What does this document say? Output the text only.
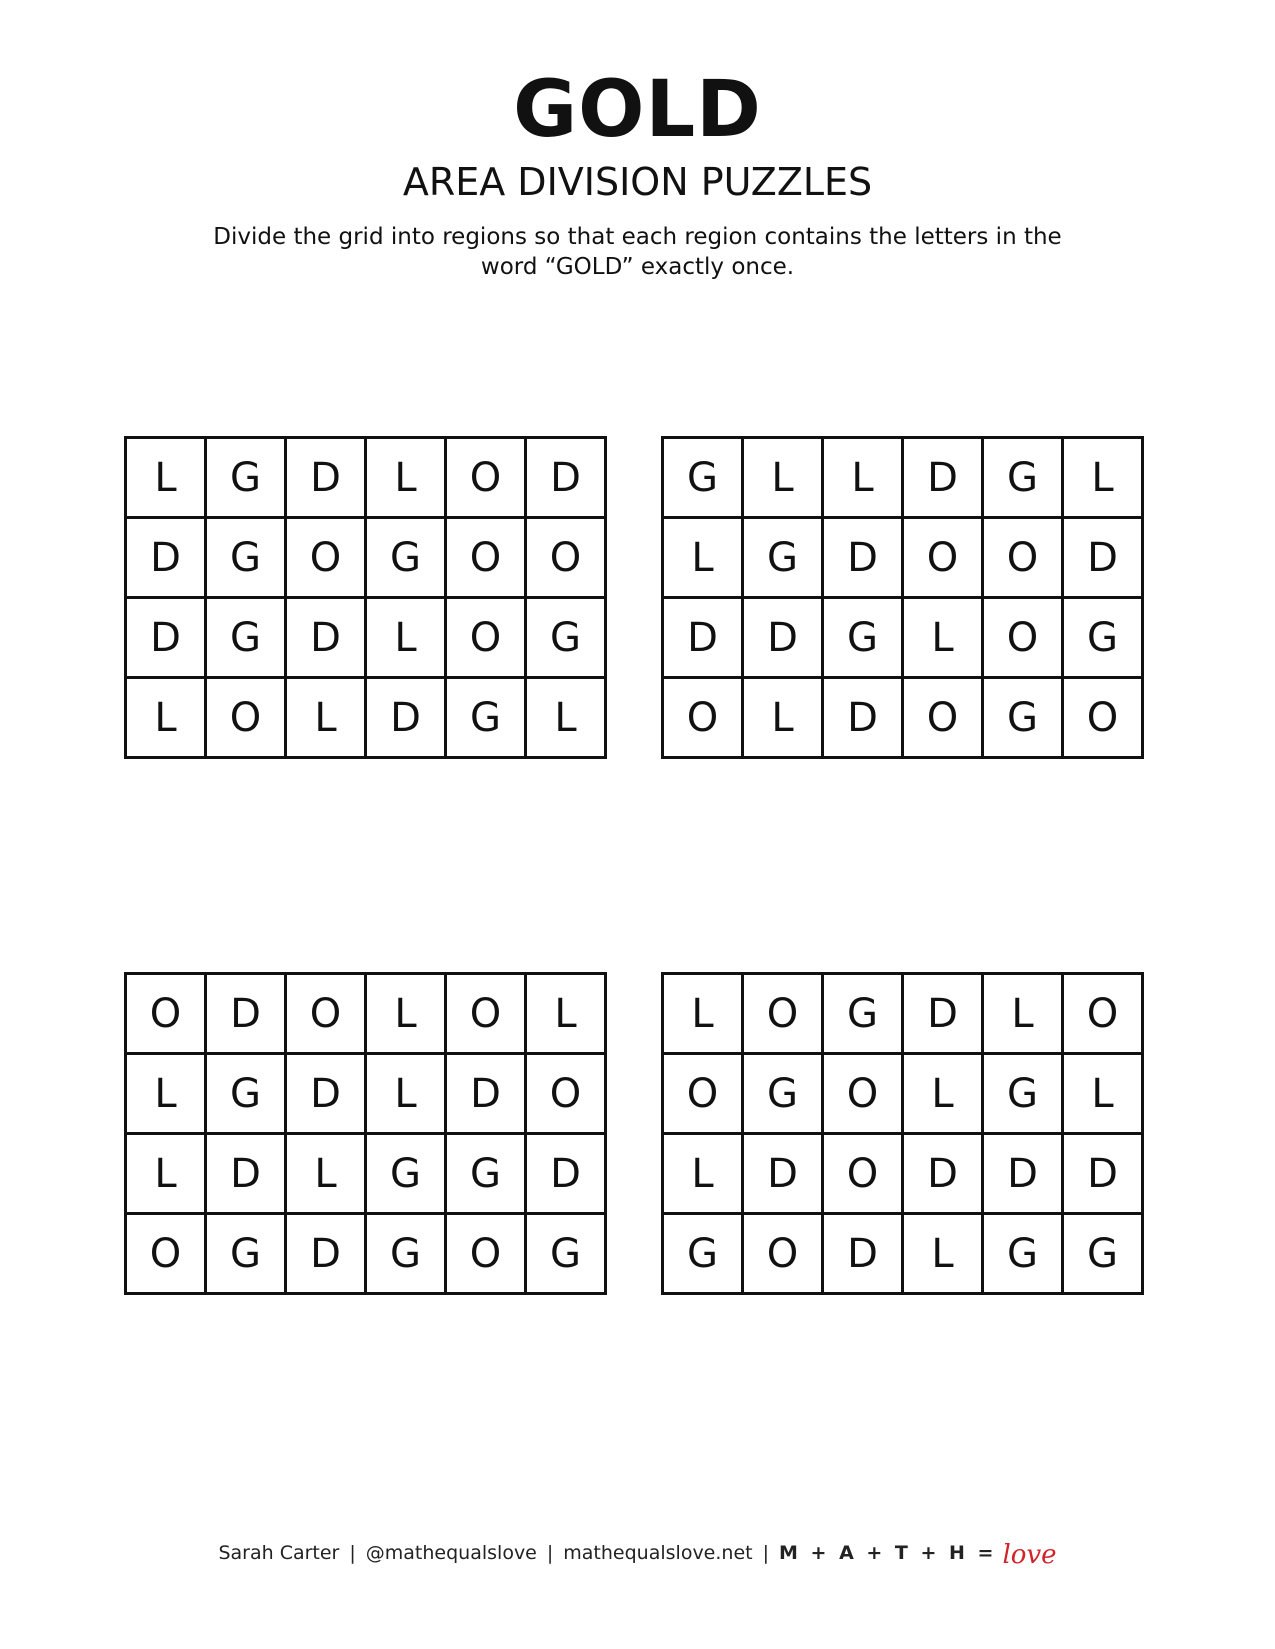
GOLD
AREA DIVISION PUZZLES
Divide the grid into regions so that each region contains the letters in the
word “GOLD” exactly once.
L	G	D	L	O	D
D	G	O	G	O	O
D	G	D	L	O	G
L	O	L	D	G	L
G	L	L	D	G	L
L	G	D	O	O	D
D	D	G	L	O	G
O	L	D	O	G	O
O	D	O	L	O	L
L	G	D	L	D	O
L	D	L	G	G	D
O	G	D	G	O	G
L	O	G	D	L	O
O	G	O	L	G	L
L	D	O	D	D	D
G	O	D	L	G	G
Sarah Carter | @mathequalslove | mathequalslove.net | M + A + T + H = love
